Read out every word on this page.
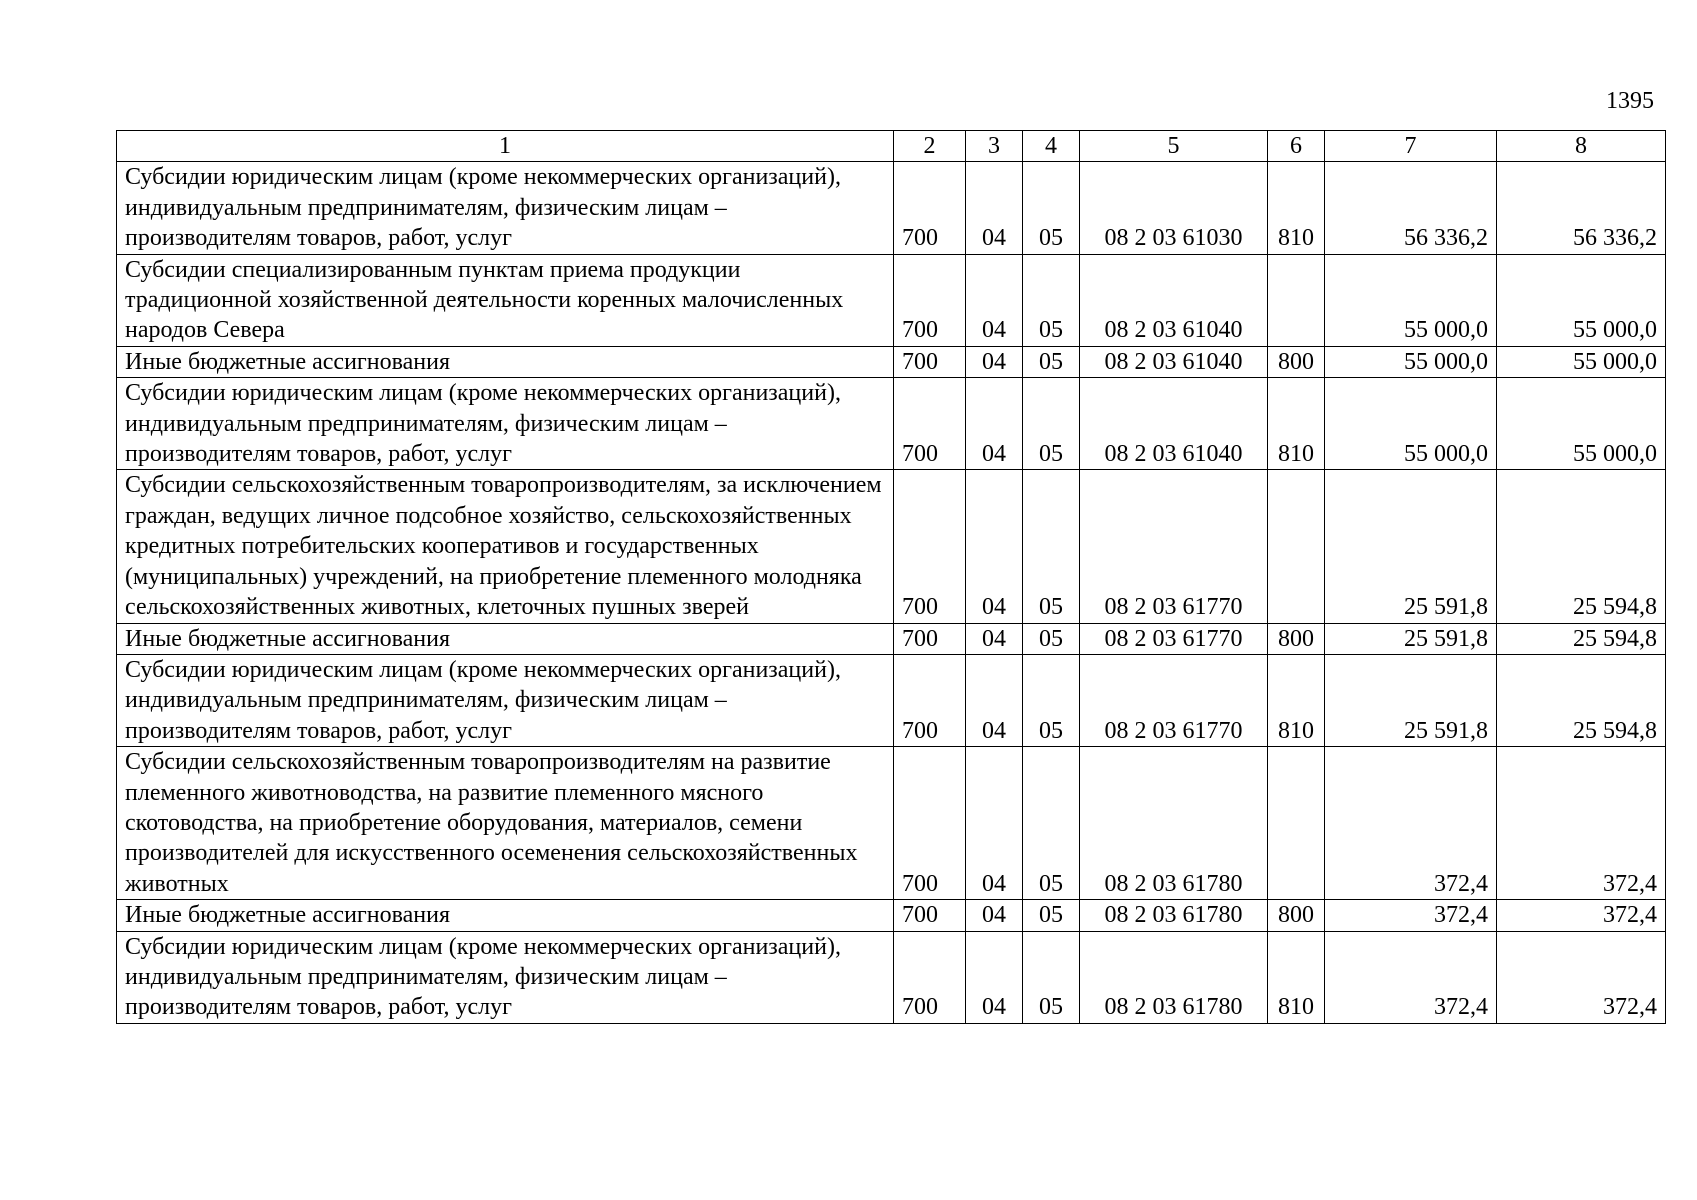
1395
1	2	3	4	5	6	7	8
Субсидии юридическим лицам (кроме некоммерческих организаций), индивидуальным предпринимателям, физическим лицам – производителям товаров, работ, услуг	700	04	05	08 2 03 61030	810	56 336,2	56 336,2
Субсидии специализированным пунктам приема продукции традиционной хозяйственной деятельности коренных малочисленных народов Севера	700	04	05	08 2 03 61040		55 000,0	55 000,0
Иные бюджетные ассигнования	700	04	05	08 2 03 61040	800	55 000,0	55 000,0
Субсидии юридическим лицам (кроме некоммерческих организаций), индивидуальным предпринимателям, физическим лицам – производителям товаров, работ, услуг	700	04	05	08 2 03 61040	810	55 000,0	55 000,0
Субсидии сельскохозяйственным товаропроизводителям, за исключением граждан, ведущих личное подсобное хозяйство, сельскохозяйственных кредитных потребительских кооперативов и государственных (муниципальных) учреждений, на приобретение племенного молодняка сельскохозяйственных животных, клеточных пушных зверей	700	04	05	08 2 03 61770		25 591,8	25 594,8
Иные бюджетные ассигнования	700	04	05	08 2 03 61770	800	25 591,8	25 594,8
Субсидии юридическим лицам (кроме некоммерческих организаций), индивидуальным предпринимателям, физическим лицам – производителям товаров, работ, услуг	700	04	05	08 2 03 61770	810	25 591,8	25 594,8
Субсидии сельскохозяйственным товаропроизводителям на развитие племенного животноводства, на развитие племенного мясного скотоводства, на приобретение оборудования, материалов, семени производителей для искусственного осеменения сельскохозяйственных животных	700	04	05	08 2 03 61780		372,4	372,4
Иные бюджетные ассигнования	700	04	05	08 2 03 61780	800	372,4	372,4
Субсидии юридическим лицам (кроме некоммерческих организаций), индивидуальным предпринимателям, физическим лицам – производителям товаров, работ, услуг	700	04	05	08 2 03 61780	810	372,4	372,4
